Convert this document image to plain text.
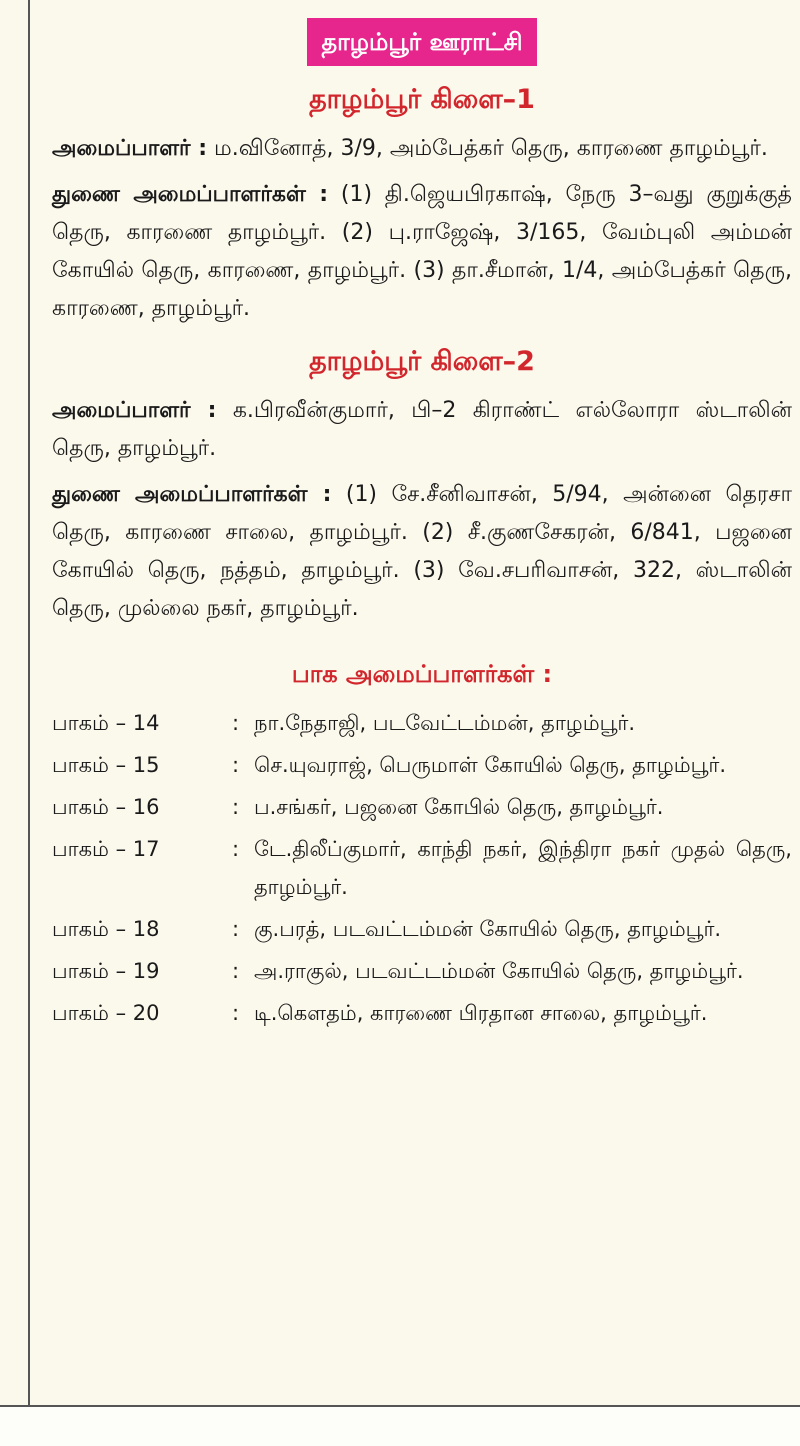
தாழம்பூர் ஊராட்சி
தாழம்பூர் கிளை–1

அமைப்பாளர் : ம.வினோத், 3/9, அம்பேத்கர் தெரு, காரணை தாழம்பூர்.

துணை அமைப்பாளர்கள் : (1) தி.ஜெயபிரகாஷ், நேரு 3–வது குறுக்குத் தெரு, காரணை தாழம்பூர். (2) பு.ராஜேஷ், 3/165, வேம்புலி அம்மன் கோயில் தெரு, காரணை, தாழம்பூர். (3) தா.சீமான், 1/4, அம்பேத்கர் தெரு, காரணை, தாழம்பூர்.

தாழம்பூர் கிளை–2

அமைப்பாளர் : க.பிரவீன்குமார், பி–2 கிராண்ட் எல்லோரா ஸ்டாலின் தெரு, தாழம்பூர்.

துணை அமைப்பாளர்கள் : (1) சே.சீனிவாசன், 5/94, அன்னை தெரசா தெரு, காரணை சாலை, தாழம்பூர். (2) சீ.குணசேகரன், 6/841, பஜனை கோயில் தெரு, நத்தம், தாழம்பூர். (3) வே.சபரிவாசன், 322, ஸ்டாலின் தெரு, முல்லை நகர், தாழம்பூர்.

பாக அமைப்பாளர்கள் :
பாகம் – 14	: நா.நேதாஜி, படவேட்டம்மன், தாழம்பூர்.
பாகம் – 15	: செ.யுவராஜ், பெருமாள் கோயில் தெரு, தாழம்பூர்.
பாகம் – 16	: ப.சங்கர், பஜனை கோபில் தெரு, தாழம்பூர்.
பாகம் – 17	: டே.திலீப்குமார், காந்தி நகர், இந்திரா நகர் முதல் தெரு, தாழம்பூர்.
பாகம் – 18	: கு.பரத், படவட்டம்மன் கோயில் தெரு, தாழம்பூர்.
பாகம் – 19	: அ.ராகுல், படவட்டம்மன் கோயில் தெரு, தாழம்பூர்.
பாகம் – 20	: டி.கௌதம், காரணை பிரதான சாலை, தாழம்பூர்.
